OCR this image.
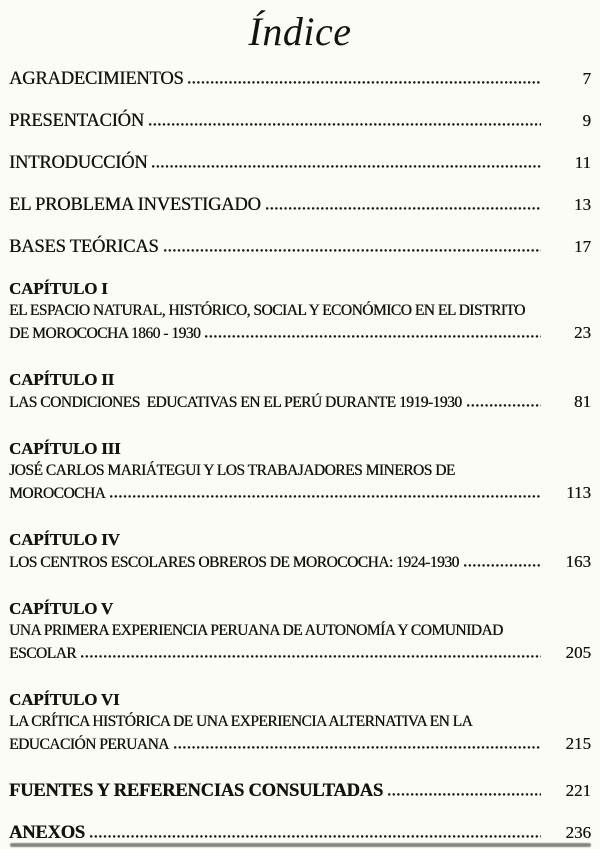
Índice
AGRADECIMIENTOS	7
PRESENTACIÓN	9
INTRODUCCIÓN	11
EL PROBLEMA INVESTIGADO	13
BASES TEÓRICAS	17
CAPÍTULO I
EL ESPACIO NATURAL, HISTÓRICO, SOCIAL Y ECONÓMICO EN EL DISTRITO
DE MOROCOCHA 1860 - 1930	23
CAPÍTULO II
LAS CONDICIONES  EDUCATIVAS EN EL PERÚ DURANTE 1919-1930	81
CAPÍTULO III
JOSÉ CARLOS MARIÁTEGUI Y LOS TRABAJADORES MINEROS DE
MOROCOCHA	113
CAPÍTULO IV
LOS CENTROS ESCOLARES OBREROS DE MOROCOCHA: 1924-1930	163
CAPÍTULO V
UNA PRIMERA EXPERIENCIA PERUANA DE AUTONOMÍA Y COMUNIDAD
ESCOLAR	205
CAPÍTULO VI
LA CRÍTICA HISTÓRICA DE UNA EXPERIENCIA ALTERNATIVA EN LA
EDUCACIÓN PERUANA	215
FUENTES Y REFERENCIAS CONSULTADAS	221
ANEXOS	236
